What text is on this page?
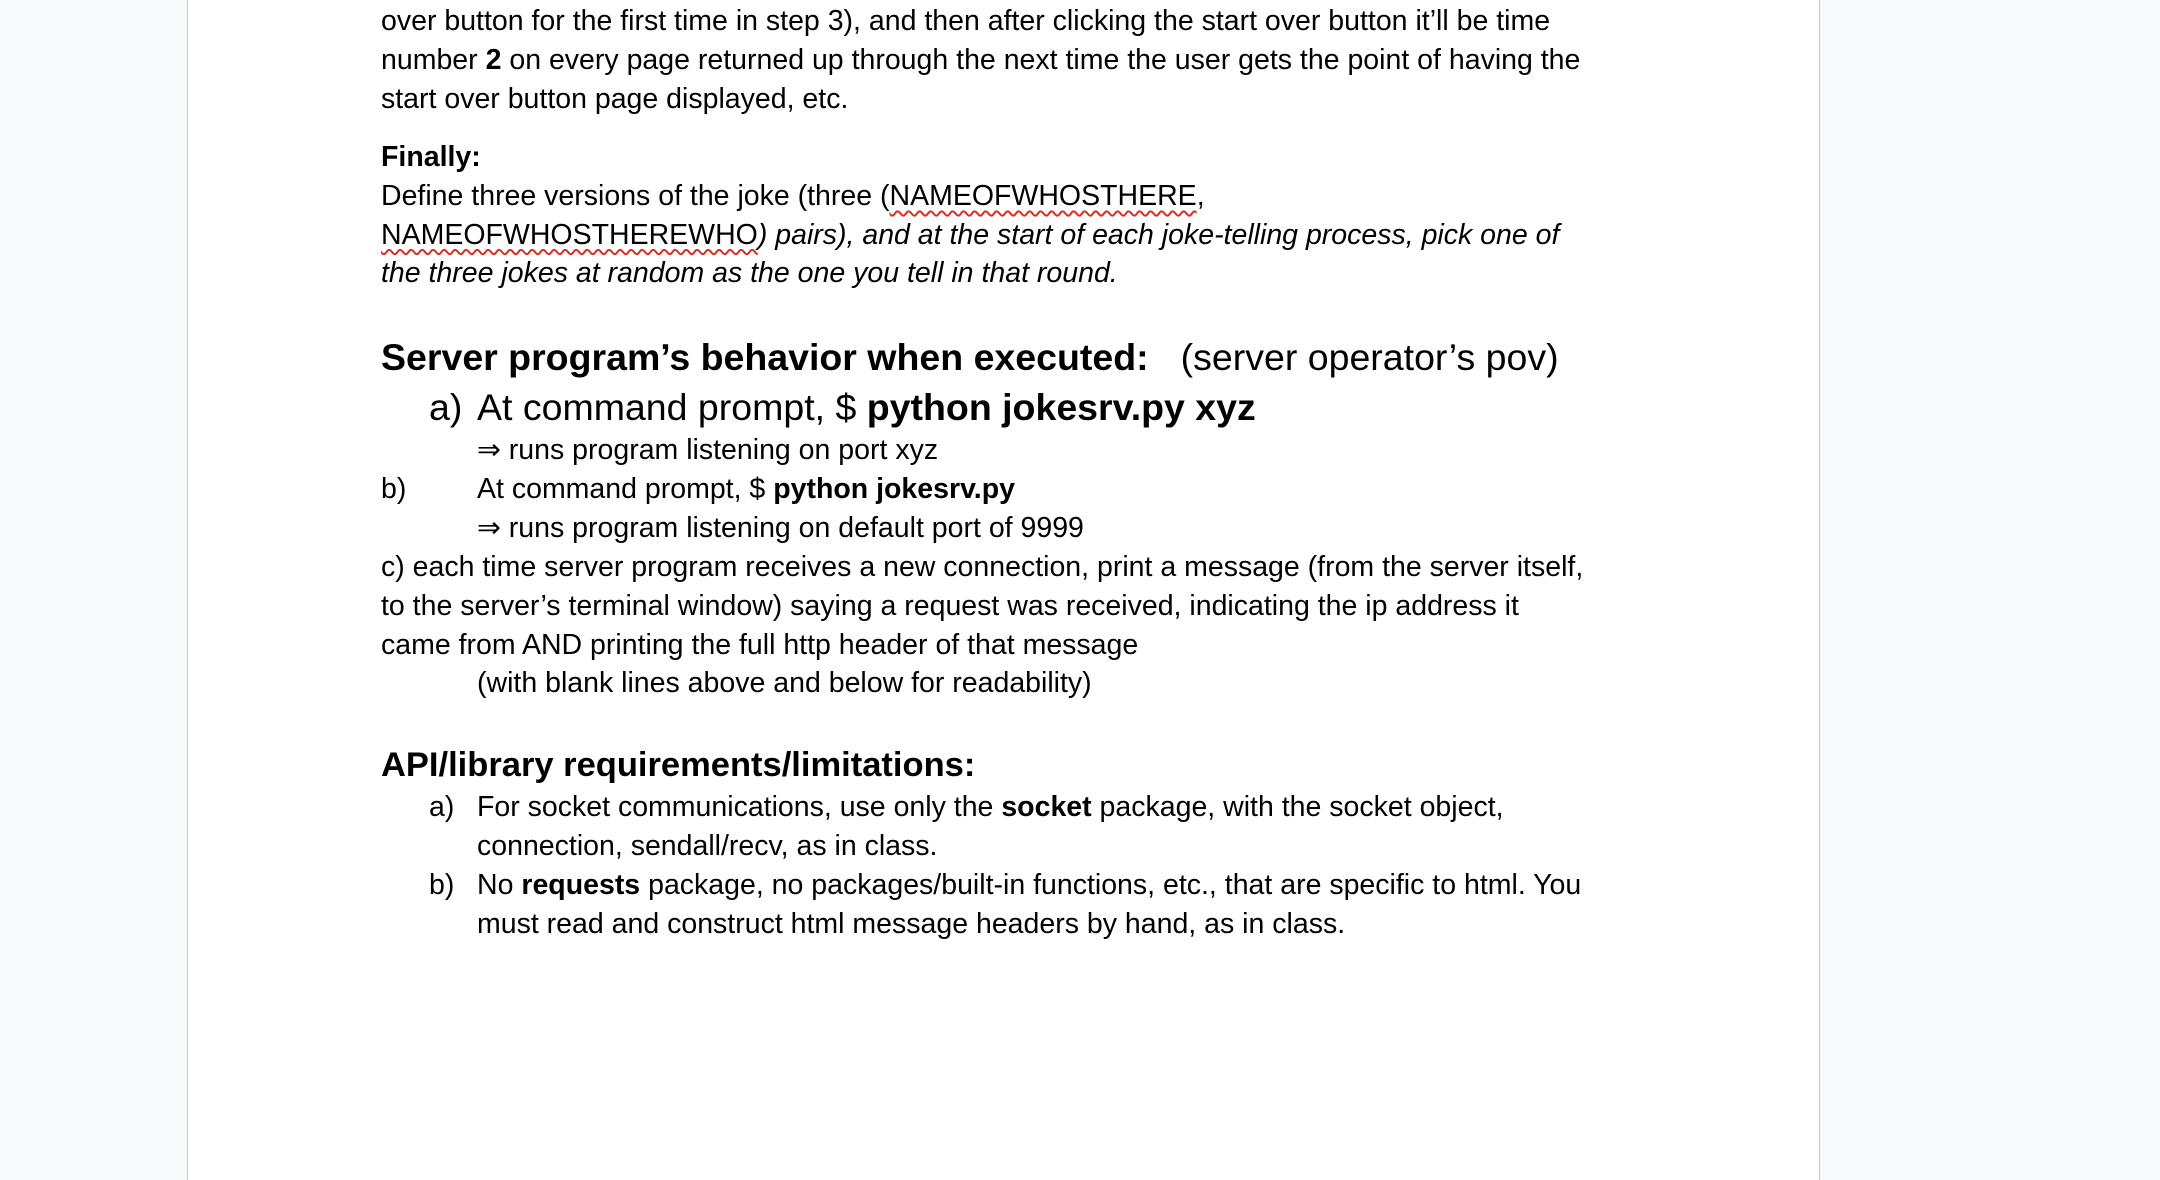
over button for the first time in step 3), and then after clicking the start over button it’ll be time
number 2 on every page returned up through the next time the user gets the point of having the
start over button page displayed, etc.
Finally:
Define three versions of the joke (three (NAMEOFWHOSTHERE,
NAMEOFWHOSTHEREWHO) pairs), and at the start of each joke-telling process, pick one of
the three jokes at random as the one you tell in that round.
Server program’s behavior when executed: (server operator’s pov)
a) At command prompt, $ python jokesrv.py xyz
⇒ runs program listening on port xyz
b) At command prompt, $ python jokesrv.py
⇒ runs program listening on default port of 9999
c) each time server program receives a new connection, print a message (from the server itself,
to the server’s terminal window) saying a request was received, indicating the ip address it
came from AND printing the full http header of that message
(with blank lines above and below for readability)
API/library requirements/limitations:
a) For socket communications, use only the socket package, with the socket object,
connection, sendall/recv, as in class.
b) No requests package, no packages/built-in functions, etc., that are specific to html. You
must read and construct html message headers by hand, as in class.
